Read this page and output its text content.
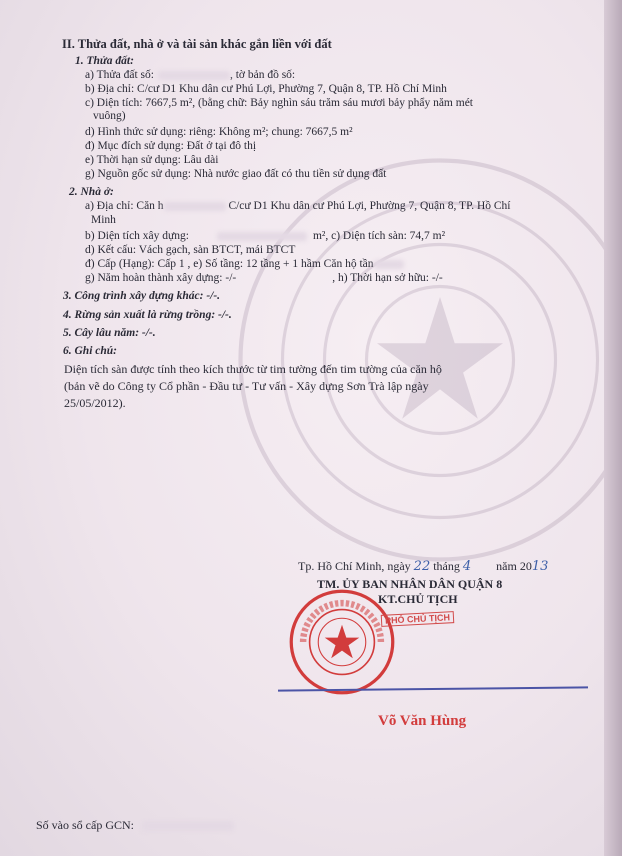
II. Thửa đất, nhà ở và tài sản khác gắn liền với đất
1. Thửa đất:
a) Thửa đất số:	, tờ bản đồ số:
b) Địa chỉ: C/cư D1 Khu dân cư Phú Lợi, Phường 7, Quận 8, TP. Hồ Chí Minh
c) Diện tích: 7667,5 m², (bằng chữ: Bảy nghìn sáu trăm sáu mươi bảy phẩy năm mét
vuông)
d) Hình thức sử dụng: riêng: Không m²; chung: 7667,5 m²
đ) Mục đích sử dụng: Đất ở tại đô thị
e) Thời hạn sử dụng: Lâu dài
g) Nguồn gốc sử dụng: Nhà nước giao đất có thu tiền sử dụng đất
2. Nhà ở:
a) Địa chỉ: Căn h	C/cư D1 Khu dân cư Phú Lợi, Phường 7, Quận 8, TP. Hồ Chí
Minh
b) Diện tích xây dựng:	m², c) Diện tích sàn: 74,7 m²
d) Kết cấu: Vách gạch, sàn BTCT, mái BTCT
đ) Cấp (Hạng): Cấp 1 , e) Số tầng: 12 tầng + 1 hầm Căn hộ tần
g) Năm hoàn thành xây dựng: -/-	, h) Thời hạn sở hữu: -/-
3. Công trình xây dựng khác: -/-.
4. Rừng sản xuất là rừng trồng: -/-.
5. Cây lâu năm: -/-.
6. Ghi chú:
Diện tích sàn được tính theo kích thước từ tim tường đến tim tường của căn hộ
(bản vẽ do Công ty Cổ phần - Đầu tư - Tư vấn - Xây dựng Sơn Trà lập ngày
25/05/2012).
Tp. Hồ Chí Minh, ngày 22 tháng 4 năm 2013
TM. ỦY BAN NHÂN DÂN QUẬN 8
KT.CHỦ TỊCH
PHÓ CHỦ TỊCH
Võ Văn Hùng
Số vào sổ cấp GCN:
